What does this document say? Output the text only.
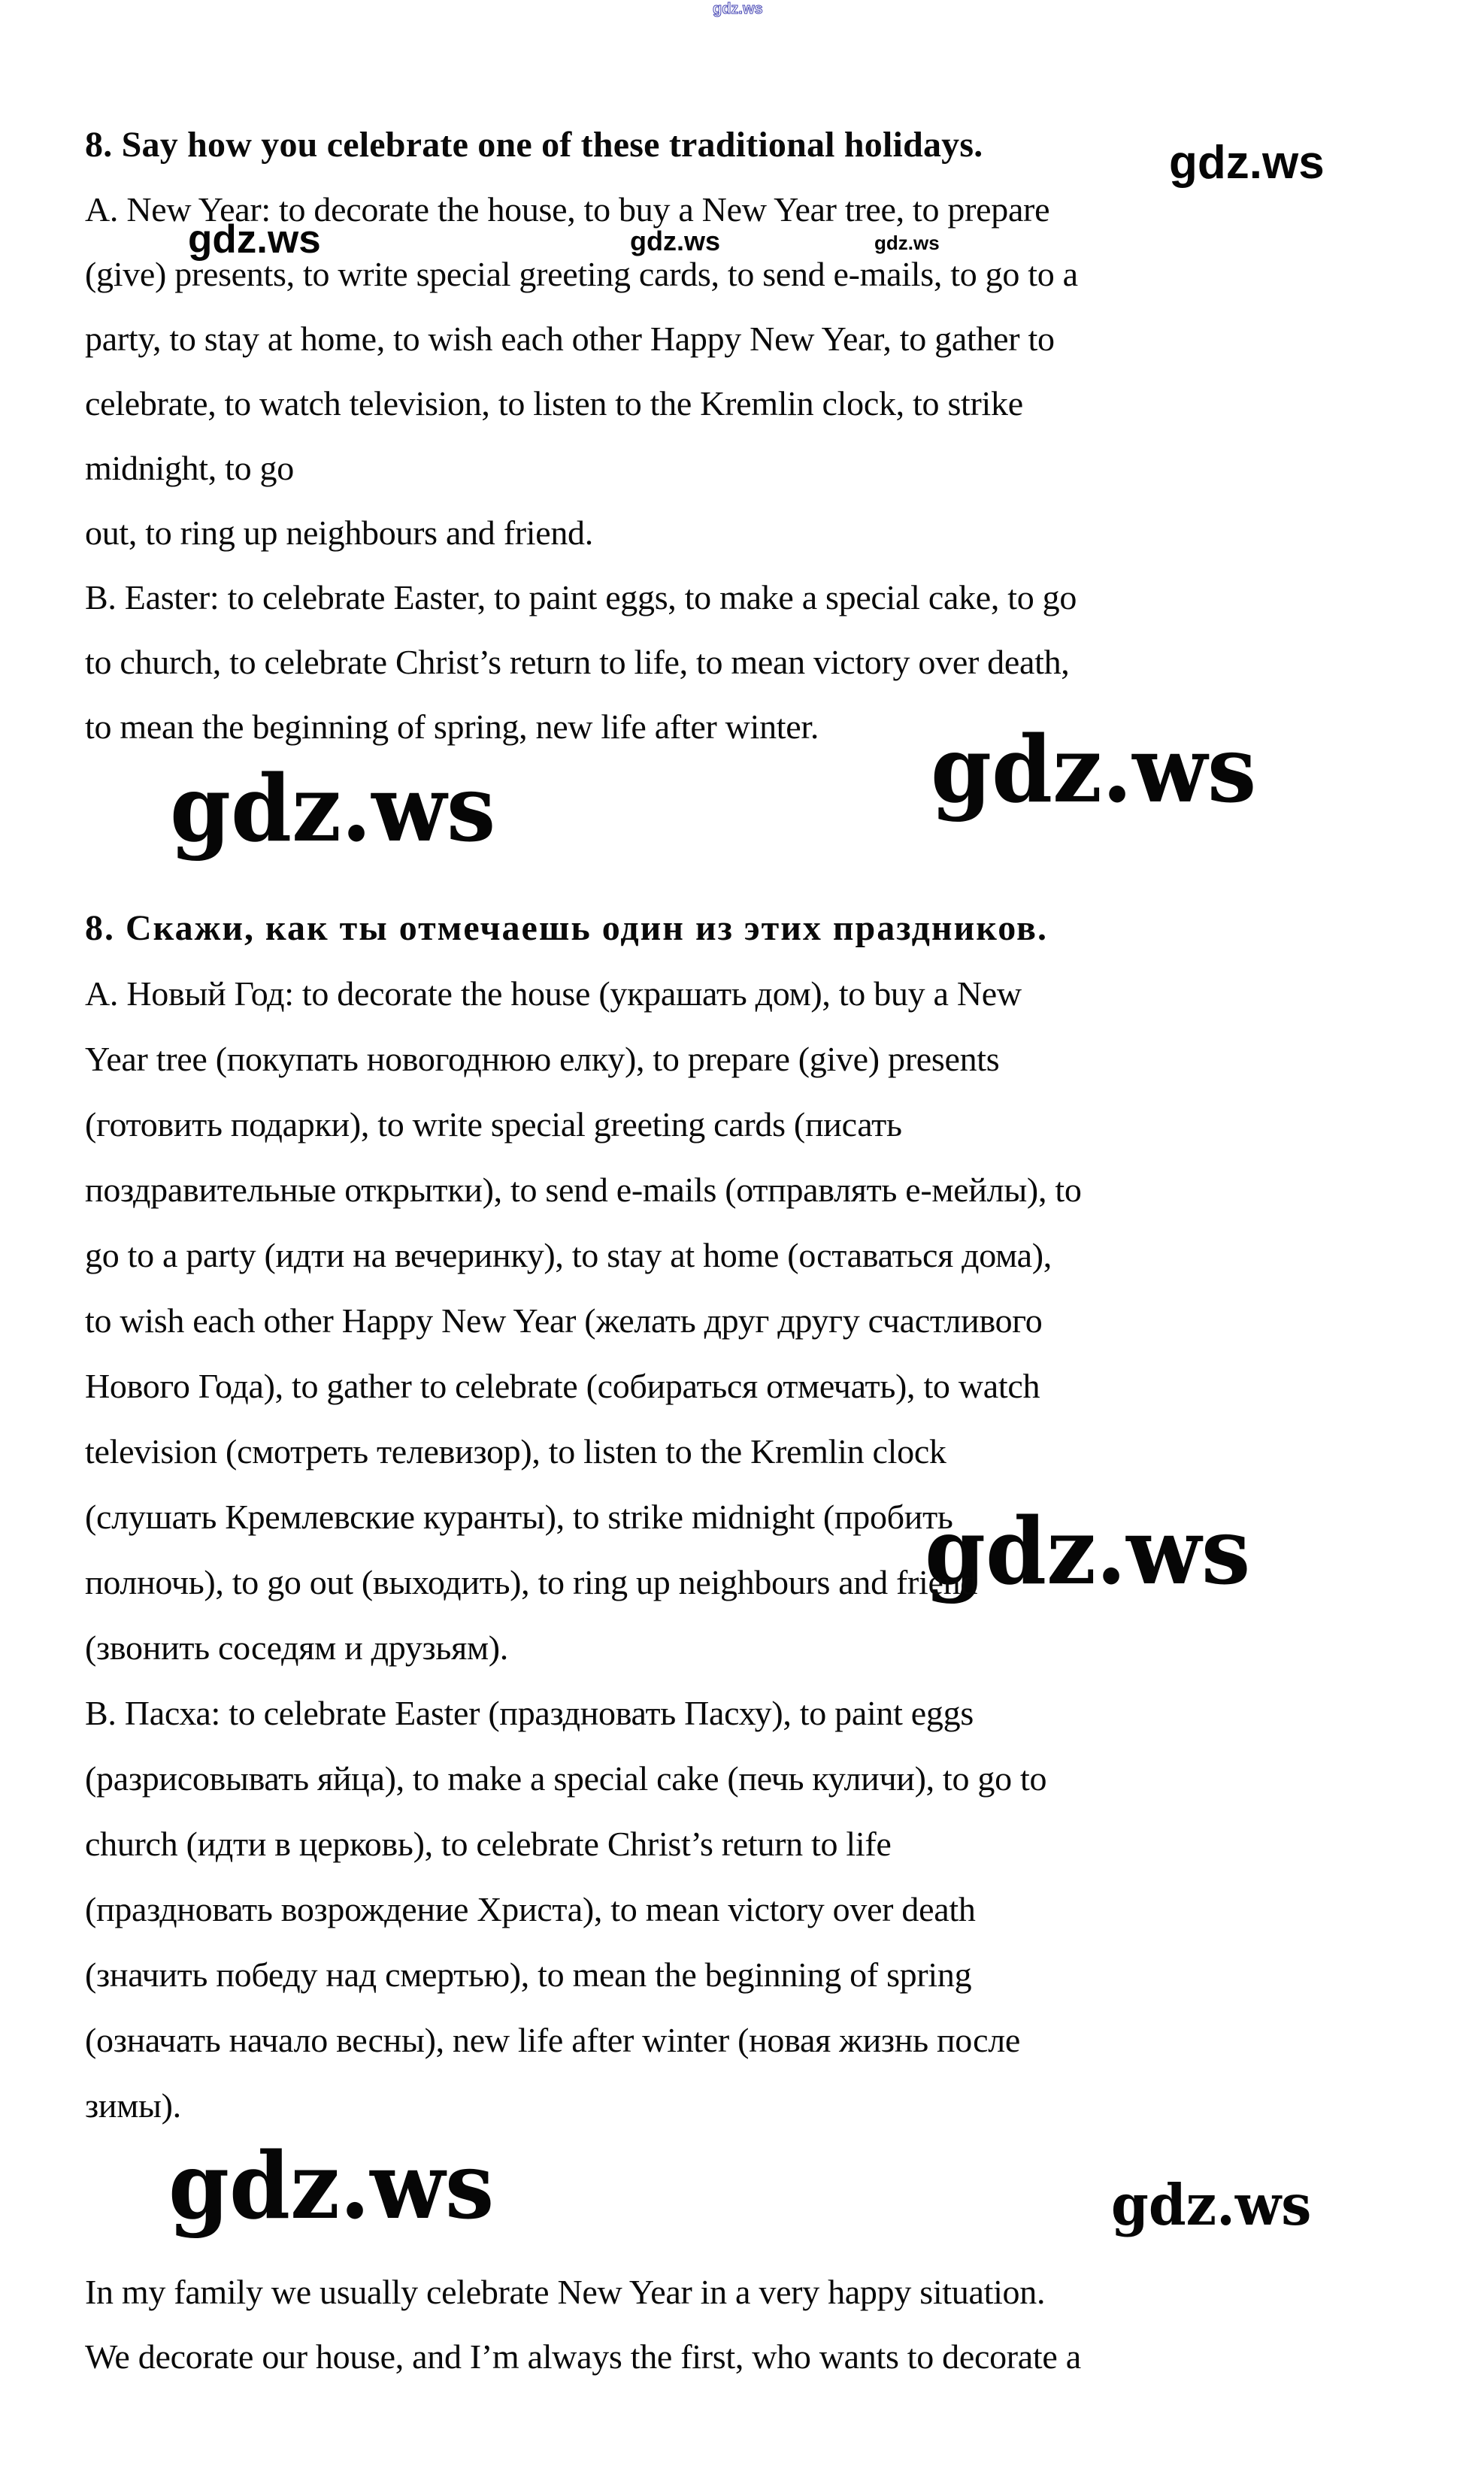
gdz.ws
gdz.ws
gdz.ws	gdz.ws	gdz.ws
gdz.ws	gdz.ws
gdz.ws
gdz.ws	gdz.ws
8. Say how you celebrate one of these traditional holidays.
A. New Year: to decorate the house, to buy a New Year tree, to prepare
(give) presents, to write special greeting cards, to send e-mails, to go to a
party, to stay at home, to wish each other Happy New Year, to gather to
celebrate, to watch television, to listen to the Kremlin clock, to strike
midnight, to go
out, to ring up neighbours and friend.
B. Easter: to celebrate Easter, to paint eggs, to make a special cake, to go
to church, to celebrate Christ’s return to life, to mean victory over death,
to mean the beginning of spring, new life after winter.
8. Скажи, как ты отмечаешь один из этих праздников.
А. Новый Год: to decorate the house (украшать дом), to buy a New
Year tree (покупать новогоднюю елку), to prepare (give) presents
(готовить подарки), to write special greeting cards (писать
поздравительные открытки), to send e-mails (отправлять е-мейлы), to
go to a party (идти на вечеринку), to stay at home (оставаться дома),
to wish each other Happy New Year (желать друг другу счастливого
Нового Года), to gather to celebrate (собираться отмечать), to watch
television (смотреть телевизор), to listen to the Kremlin clock
(слушать Кремлевские куранты), to strike midnight (пробить
полночь), to go out (выходить), to ring up neighbours and friend
(звонить соседям и друзьям).
В. Пасха: to celebrate Easter (праздновать Пасху), to paint eggs
(разрисовывать яйца), to make a special cake (печь куличи), to go to
church (идти в церковь), to celebrate Christ’s return to life
(праздновать возрождение Христа), to mean victory over death
(значить победу над смертью), to mean the beginning of spring
(означать начало весны), new life after winter (новая жизнь после
зимы).
In my family we usually celebrate New Year in a very happy situation.
We decorate our house, and I’m always the first, who wants to decorate a
